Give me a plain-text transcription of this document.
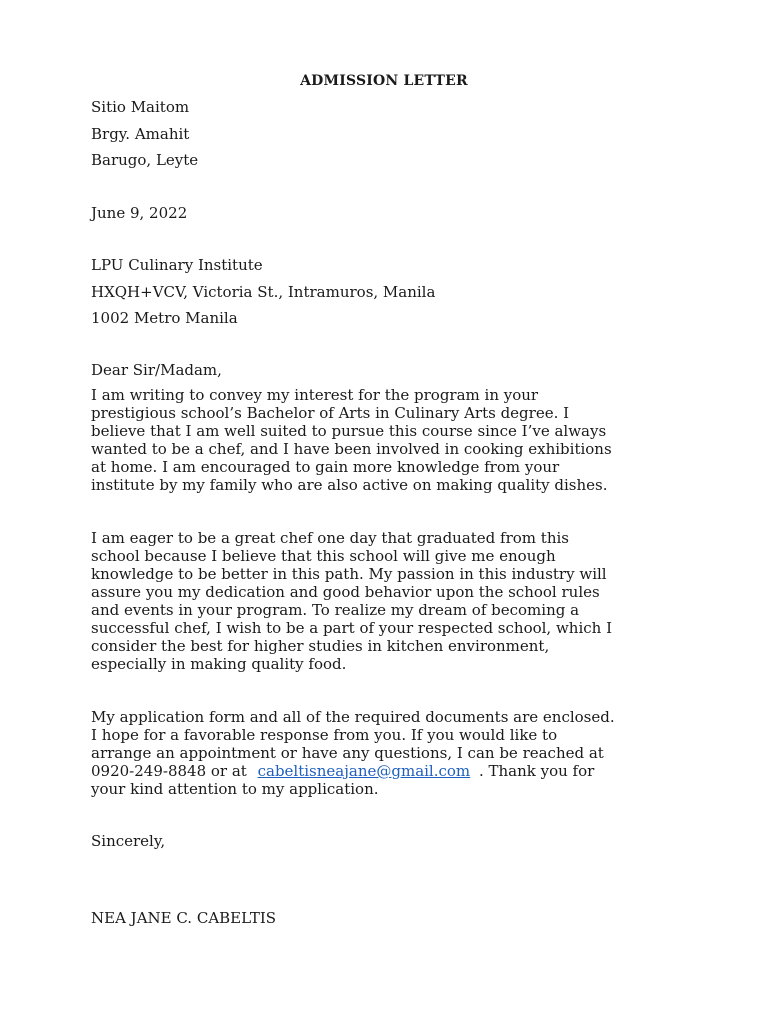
ADMISSION LETTER
Sitio Maitom
Brgy. Amahit
Barugo, Leyte
June 9, 2022
LPU Culinary Institute
HXQH+VCV, Victoria St., Intramuros, Manila
1002 Metro Manila
Dear Sir/Madam,
I am writing to convey my interest for the program in your
prestigious school’s Bachelor of Arts in Culinary Arts degree. I
believe that I am well suited to pursue this course since I’ve always
wanted to be a chef, and I have been involved in cooking exhibitions
at home. I am encouraged to gain more knowledge from your
institute by my family who are also active on making quality dishes.
I am eager to be a great chef one day that graduated from this
school because I believe that this school will give me enough
knowledge to be better in this path. My passion in this industry will
assure you my dedication and good behavior upon the school rules
and events in your program. To realize my dream of becoming a
successful chef, I wish to be a part of your respected school, which I
consider the best for higher studies in kitchen environment,
especially in making quality food.
My application form and all of the required documents are enclosed.
I hope for a favorable response from you. If you would like to
arrange an appointment or have any questions, I can be reached at
0920-249-8848 or at cabeltisneajane@gmail.com . Thank you for
your kind attention to my application.
Sincerely,
NEA JANE C. CABELTIS
